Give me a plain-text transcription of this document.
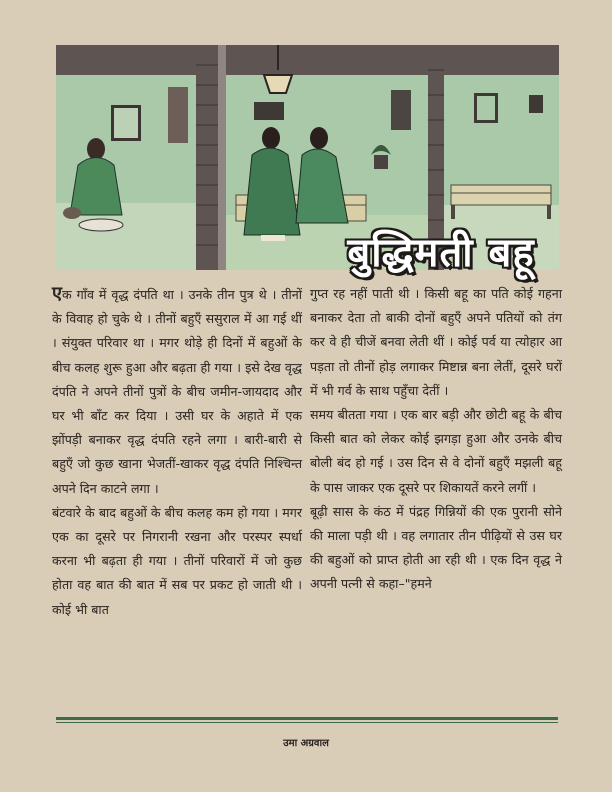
बुद्धिमती बहू

एक गाँव में वृद्ध दंपति था । उनके तीन पुत्र थे । तीनों के विवाह हो चुके थे । तीनों बहुएँ ससुराल में आ गई थीं । संयुक्त परिवार था । मगर थोड़े ही दिनों में बहुओं के बीच कलह शुरू हुआ और बढ़ता ही गया । इसे देख वृद्ध दंपति ने अपने तीनों पुत्रों के बीच जमीन-जायदाद और घर भी बाँट कर दिया । उसी घर के अहाते में एक झोंपड़ी बनाकर वृद्ध दंपति रहने लगा । बारी-बारी से बहुएँ जो कुछ खाना भेजतीं-खाकर वृद्ध दंपति निश्चिन्त अपने दिन काटने लगा ।

बंटवारे के बाद बहुओं के बीच कलह कम हो गया । मगर एक का दूसरे पर निगरानी रखना और परस्पर स्पर्धा करना भी बढ़ता ही गया । तीनों परिवारों में जो कुछ होता वह बात की बात में सब पर प्रकट हो जाती थी । कोई भी बात

गुप्त रह नहीं पाती थी । किसी बहू का पति कोई गहना बनाकर देता तो बाकी दोनों बहुएँ अपने पतियों को तंग कर वे ही चीजें बनवा लेती थीं । कोई पर्व या त्योहार आ पड़ता तो तीनों होड़ लगाकर मिष्टान्न बना लेतीं, दूसरे घरों में भी गर्व के साथ पहुँचा देतीं ।

समय बीतता गया । एक बार बड़ी और छोटी बहू के बीच किसी बात को लेकर कोई झगड़ा हुआ और उनके बीच बोली बंद हो गई । उस दिन से वे दोनों बहुएँ मझली बहू के पास जाकर एक दूसरे पर शिकायतें करने लगीं ।

बूढ़ी सास के कंठ में पंद्रह गिन्नियों की एक पुरानी सोने की माला पड़ी थी । वह लगातार तीन पीढ़ियों से उस घर की बहुओं को प्राप्त होती आ रही थी । एक दिन वृद्ध ने अपनी पत्नी से कहा–"हमने

उमा अग्रवाल
